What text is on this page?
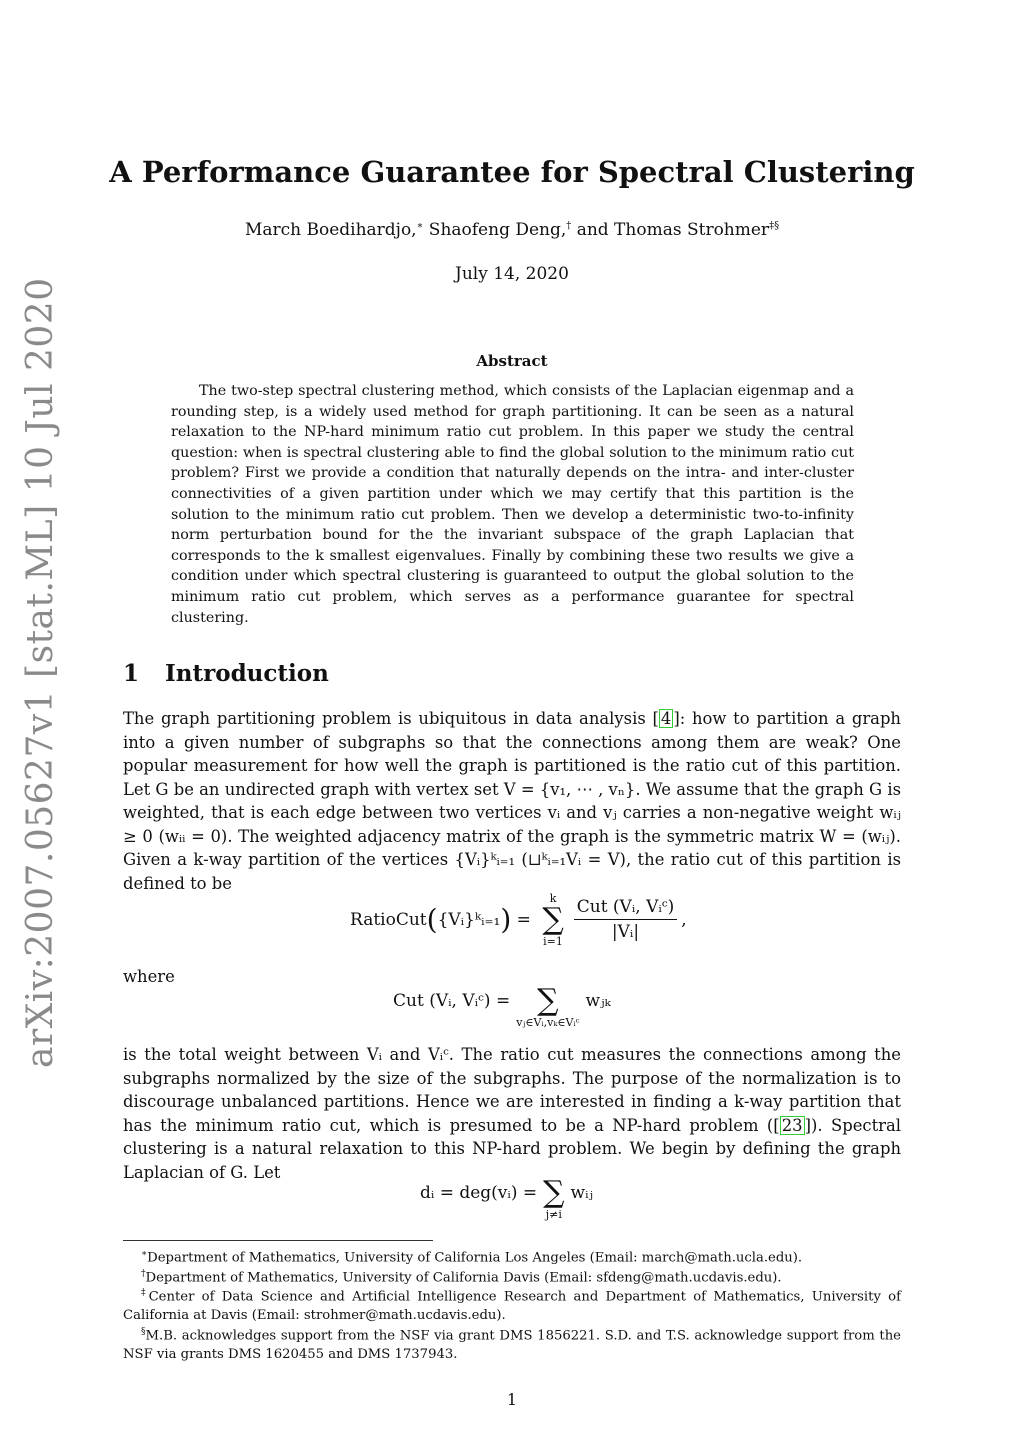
arXiv:2007.05627v1 [stat.ML] 10 Jul 2020
A Performance Guarantee for Spectral Clustering
March Boedihardjo,∗ Shaofeng Deng,† and Thomas Strohmer‡§
July 14, 2020
Abstract

The two-step spectral clustering method, which consists of the Laplacian eigenmap and a rounding step, is a widely used method for graph partitioning. It can be seen as a natural relaxation to the NP-hard minimum ratio cut problem. In this paper we study the central question: when is spectral clustering able to find the global solution to the minimum ratio cut problem? First we provide a condition that naturally depends on the intra- and inter-cluster connectivities of a given partition under which we may certify that this partition is the solution to the minimum ratio cut problem. Then we develop a deterministic two-to-infinity norm perturbation bound for the the invariant subspace of the graph Laplacian that corresponds to the k smallest eigenvalues. Finally by combining these two results we give a condition under which spectral clustering is guaranteed to output the global solution to the minimum ratio cut problem, which serves as a performance guarantee for spectral clustering.

1 Introduction

The graph partitioning problem is ubiquitous in data analysis [ 4 ]: how to partition a graph into a given number of subgraphs so that the connections among them are weak? One popular measurement for how well the graph is partitioned is the ratio cut of this partition. Let G be an undirected graph with vertex set V = {v₁, ⋯ , vₙ}. We assume that the graph G is weighted, that is each edge between two vertices vᵢ and vⱼ carries a non-negative weight wᵢⱼ ≥ 0 (wᵢᵢ = 0). The weighted adjacency matrix of the graph is the symmetric matrix W = (wᵢⱼ). Given a k-way partition of the vertices {Vᵢ}ᵏᵢ₌₁ (⊔ᵏᵢ₌₁Vᵢ = V), the ratio cut of this partition is defined to be

RatioCut ( {Vᵢ}ᵏᵢ₌₁ ) =
k
∑
$i=1 \frac{\text{Cut (Vᵢ, Vᵢᶜ)}}{\text{|Vᵢ|}}$ ,
where
Cut (Vᵢ, Vᵢᶜ) = ∑
vⱼ∈Vᵢ,vₖ∈Vᵢᶜ
wⱼₖ

is the total weight between Vᵢ and Vᵢᶜ. The ratio cut measures the connections among the subgraphs normalized by the size of the subgraphs. The purpose of the normalization is to discourage unbalanced partitions. Hence we are interested in finding a k-way partition that has the minimum ratio cut, which is presumed to be a NP-hard problem ([ 23 ]). Spectral clustering is a natural relaxation to this NP-hard problem. We begin by defining the graph Laplacian of G. Let

dᵢ = deg(vᵢ) = ∑
j≠i
wᵢⱼ

∗Department of Mathematics, University of California Los Angeles (Email: march@math.ucla.edu).

†Department of Mathematics, University of California Davis (Email: sfdeng@math.ucdavis.edu).

‡Center of Data Science and Artificial Intelligence Research and Department of Mathematics, University of California at Davis (Email: strohmer@math.ucdavis.edu).

§M.B. acknowledges support from the NSF via grant DMS 1856221. S.D. and T.S. acknowledge support from the NSF via grants DMS 1620455 and DMS 1737943.

1
